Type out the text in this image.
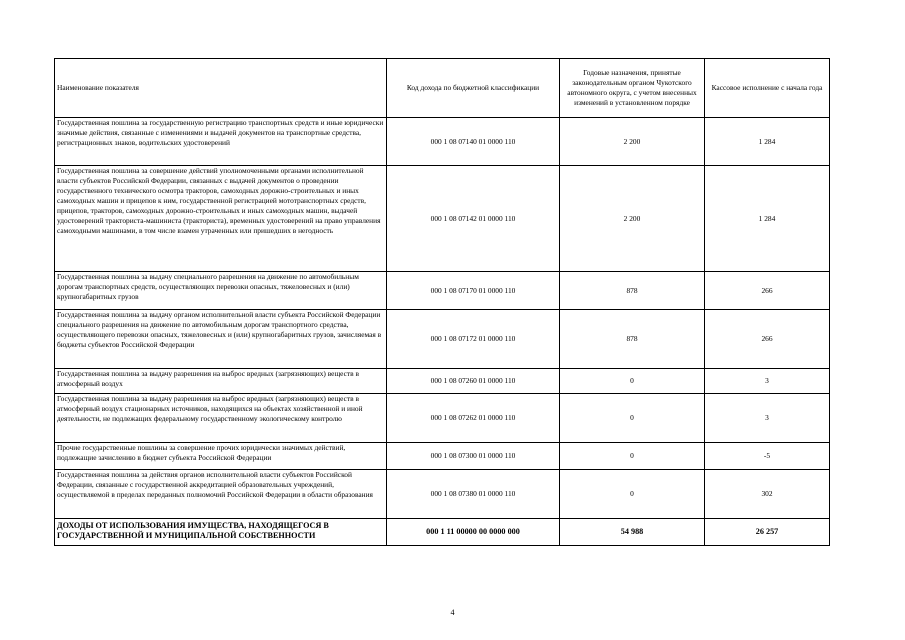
Наименование показателя	Код дохода по бюджетной классификации	Годовые назначения, принятые законодательным органом Чукотского автономного округа, с учетом внесенных изменений в установленном порядке	Кассовое исполнение с начала года

Государственная пошлина за государственную регистрацию транспортных средств и иные юридически значимые действия, связанные с изменениями и выдачей документов на транспортные средства, регистрационных знаков, водительских удостоверений	000 1 08 07140 01 0000 110	2 200	1 284

Государственная пошлина за совершение действий уполномоченными органами исполнительной власти субъектов Российской Федерации, связанных с выдачей документов о проведении государственного технического осмотра тракторов, самоходных дорожно-строительных и иных самоходных машин и прицепов к ним, государственной регистрацией мототранспортных средств, прицепов, тракторов, самоходных дорожно-строительных и иных самоходных машин, выдачей удостоверений тракториста-машиниста (тракториста), временных удостоверений на право управления самоходными машинами, в том числе взамен утраченных или пришедших в негодность	000 1 08 07142 01 0000 110	2 200	1 284

Государственная пошлина за выдачу специального разрешения на движение по автомобильным дорогам транспортных средств, осуществляющих перевозки опасных, тяжеловесных и (или) крупногабаритных грузов	000 1 08 07170 01 0000 110	878	266

Государственная пошлина за выдачу органом исполнительной власти субъекта Российской Федерации специального разрешения на движение по автомобильным дорогам транспортного средства, осуществляющего перевозки опасных, тяжеловесных и (или) крупногабаритных грузов, зачисляемая в бюджеты субъектов Российской Федерации	000 1 08 07172 01 0000 110	878	266

Государственная пошлина за выдачу разрешения на выброс вредных (загрязняющих) веществ в атмосферный воздух	000 1 08 07260 01 0000 110	0	3

Государственная пошлина за выдачу разрешения на выброс вредных (загрязняющих) веществ в атмосферный воздух стационарных источников, находящихся на объектах хозяйственной и иной деятельности, не подлежащих федеральному государственному экологическому контролю	000 1 08 07262 01 0000 110	0	3

Прочие государственные пошлины за совершение прочих юридически значимых действий, подлежащие зачислению в бюджет субъекта Российской Федерации	000 1 08 07300 01 0000 110	0	-5

Государственная пошлина за действия органов исполнительной власти субъектов Российской Федерации, связанные с государственной аккредитацией образовательных учреждений, осуществляемой в пределах переданных полномочий Российской Федерации в области образования	000 1 08 07380 01 0000 110	0	302

ДОХОДЫ ОТ ИСПОЛЬЗОВАНИЯ ИМУЩЕСТВА, НАХОДЯЩЕГОСЯ В ГОСУДАРСТВЕННОЙ И МУНИЦИПАЛЬНОЙ СОБСТВЕННОСТИ	000 1 11 00000 00 0000 000	54 988	26 257
4
